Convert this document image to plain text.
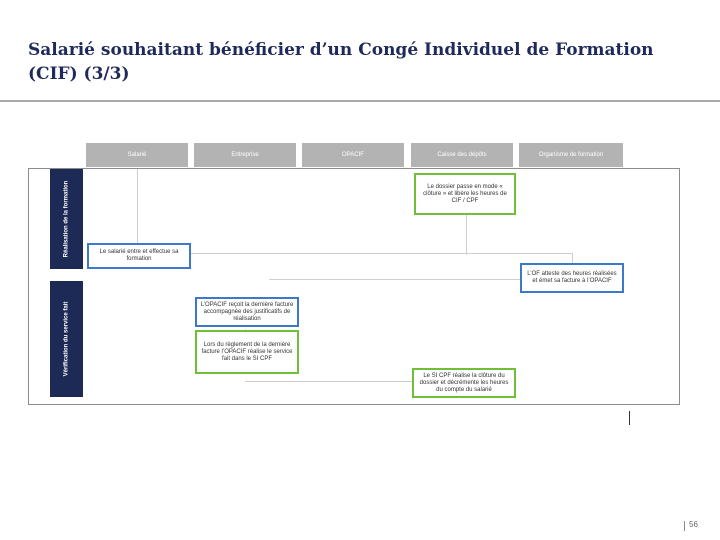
Salarié souhaitant bénéficier d’un Congé Individuel de Formation (CIF) (3/3)
Salarié	Entreprise	OPACIF	Caisse des dépôts	Organisme de formation
Réalisation de la formation
Vérification du service fait
Le dossier passe en mode « clôture » et libère les heures de CIF / CPF
Le salarié entre et effectue sa formation
L’OF atteste des heures réalisées et émet sa facture à l’OPACIF
L’OPACIF reçoit la dernière facture accompagnée des justificatifs de réalisation
Lors du règlement de la dernière facture l’OPACIF réalise le service fait dans le SI CPF
Le SI CPF réalise la clôture du dossier et décrémente les heures du compte du salarié
56
